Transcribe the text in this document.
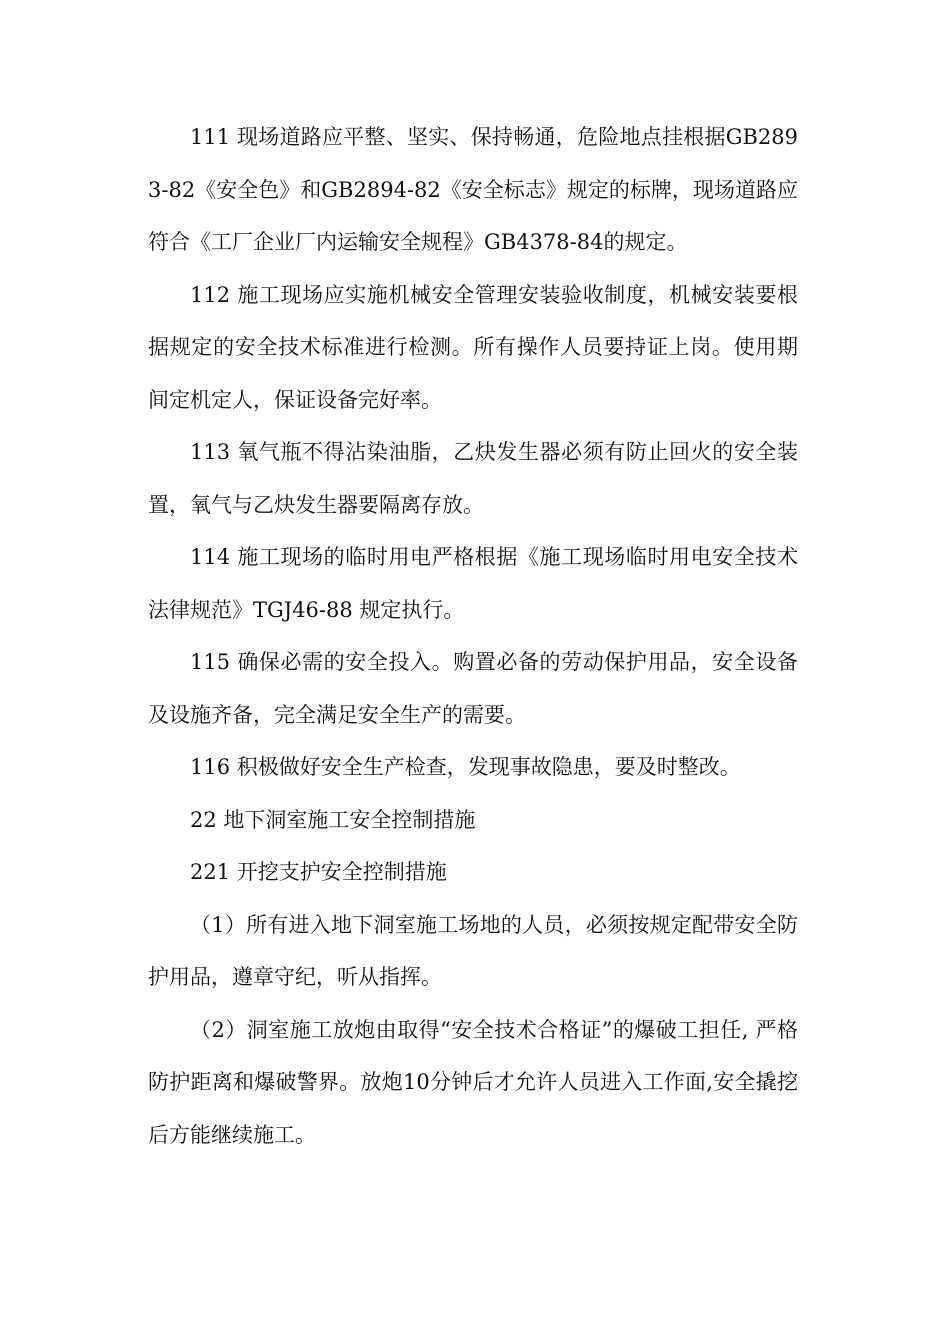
111 现场道路应平整、坚实、保持畅通，危险地点挂根据GB2893-82《安全色》和GB2894-82《安全标志》规定的标牌，现场道路应符合《工厂企业厂内运输安全规程》GB4378-84的规定。

112 施工现场应实施机械安全管理安装验收制度，机械安装要根据规定的安全技术标准进行检测。所有操作人员要持证上岗。使用期间定机定人，保证设备完好率。

113 氧气瓶不得沾染油脂，乙炔发生器必须有防止回火的安全装置，氧气与乙炔发生器要隔离存放。

114 施工现场的临时用电严格根据《施工现场临时用电安全技术法律规范》TGJ46-88 规定执行。

115 确保必需的安全投入。购置必备的劳动保护用品，安全设备及设施齐备，完全满足安全生产的需要。

116 积极做好安全生产检查，发现事故隐患，要及时整改。

22 地下洞室施工安全控制措施

221 开挖支护安全控制措施

（1）所有进入地下洞室施工场地的人员，必须按规定配带安全防护用品，遵章守纪，听从指挥。

（2）洞室施工放炮由取得“安全技术合格证”的爆破工担任, 严格防护距离和爆破警界。放炮10分钟后才允许人员进入工作面,安全撬挖后方能继续施工。
